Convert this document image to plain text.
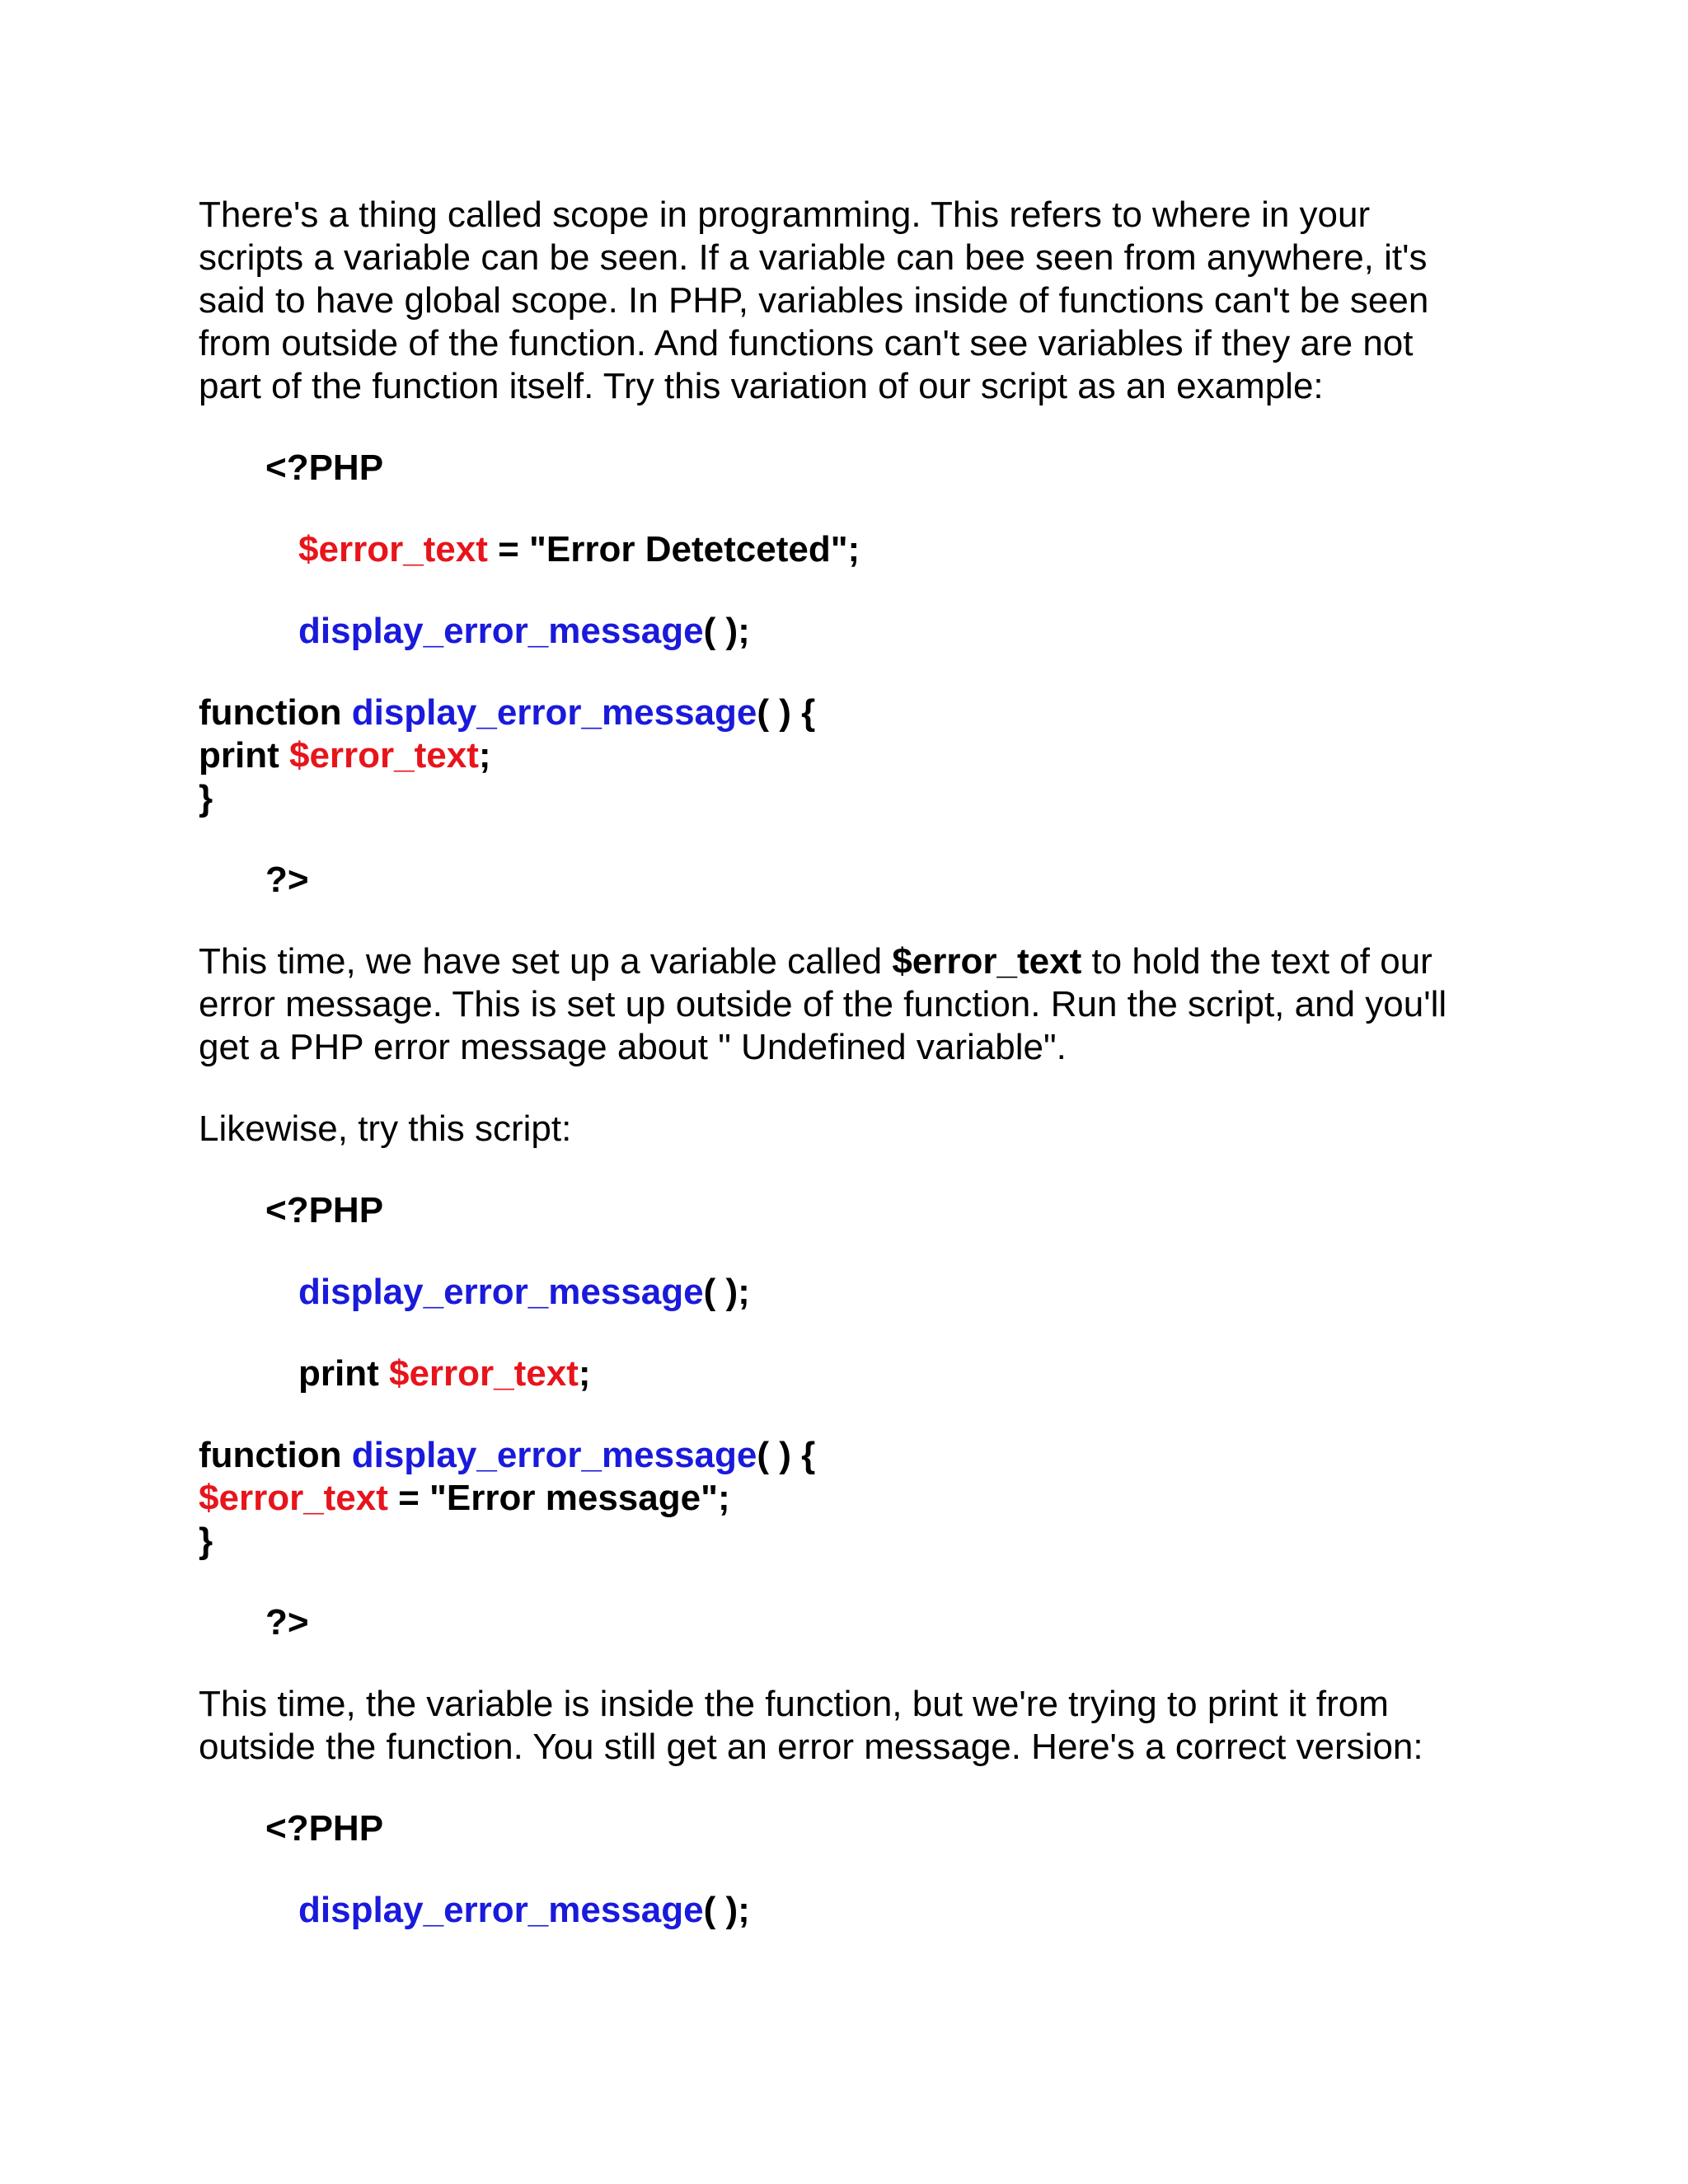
There's a thing called scope in programming. This refers to where in your
scripts a variable can be seen. If a variable can bee seen from anywhere, it's
said to have global scope. In PHP, variables inside of functions can't be seen
from outside of the function. And functions can't see variables if they are not
part of the function itself. Try this variation of our script as an example:
<?PHP
$error_text = "Error Detetceted";
display_error_message( );
function display_error_message( ) {
print $error_text;
}
?>
This time, we have set up a variable called $error_text to hold the text of our
error message. This is set up outside of the function. Run the script, and you'll
get a PHP error message about " Undefined variable".
Likewise, try this script:
<?PHP
display_error_message( );
print $error_text;
function display_error_message( ) {
$error_text = "Error message";
}
?>
This time, the variable is inside the function, but we're trying to print it from
outside the function. You still get an error message. Here's a correct version:
<?PHP
display_error_message( );
